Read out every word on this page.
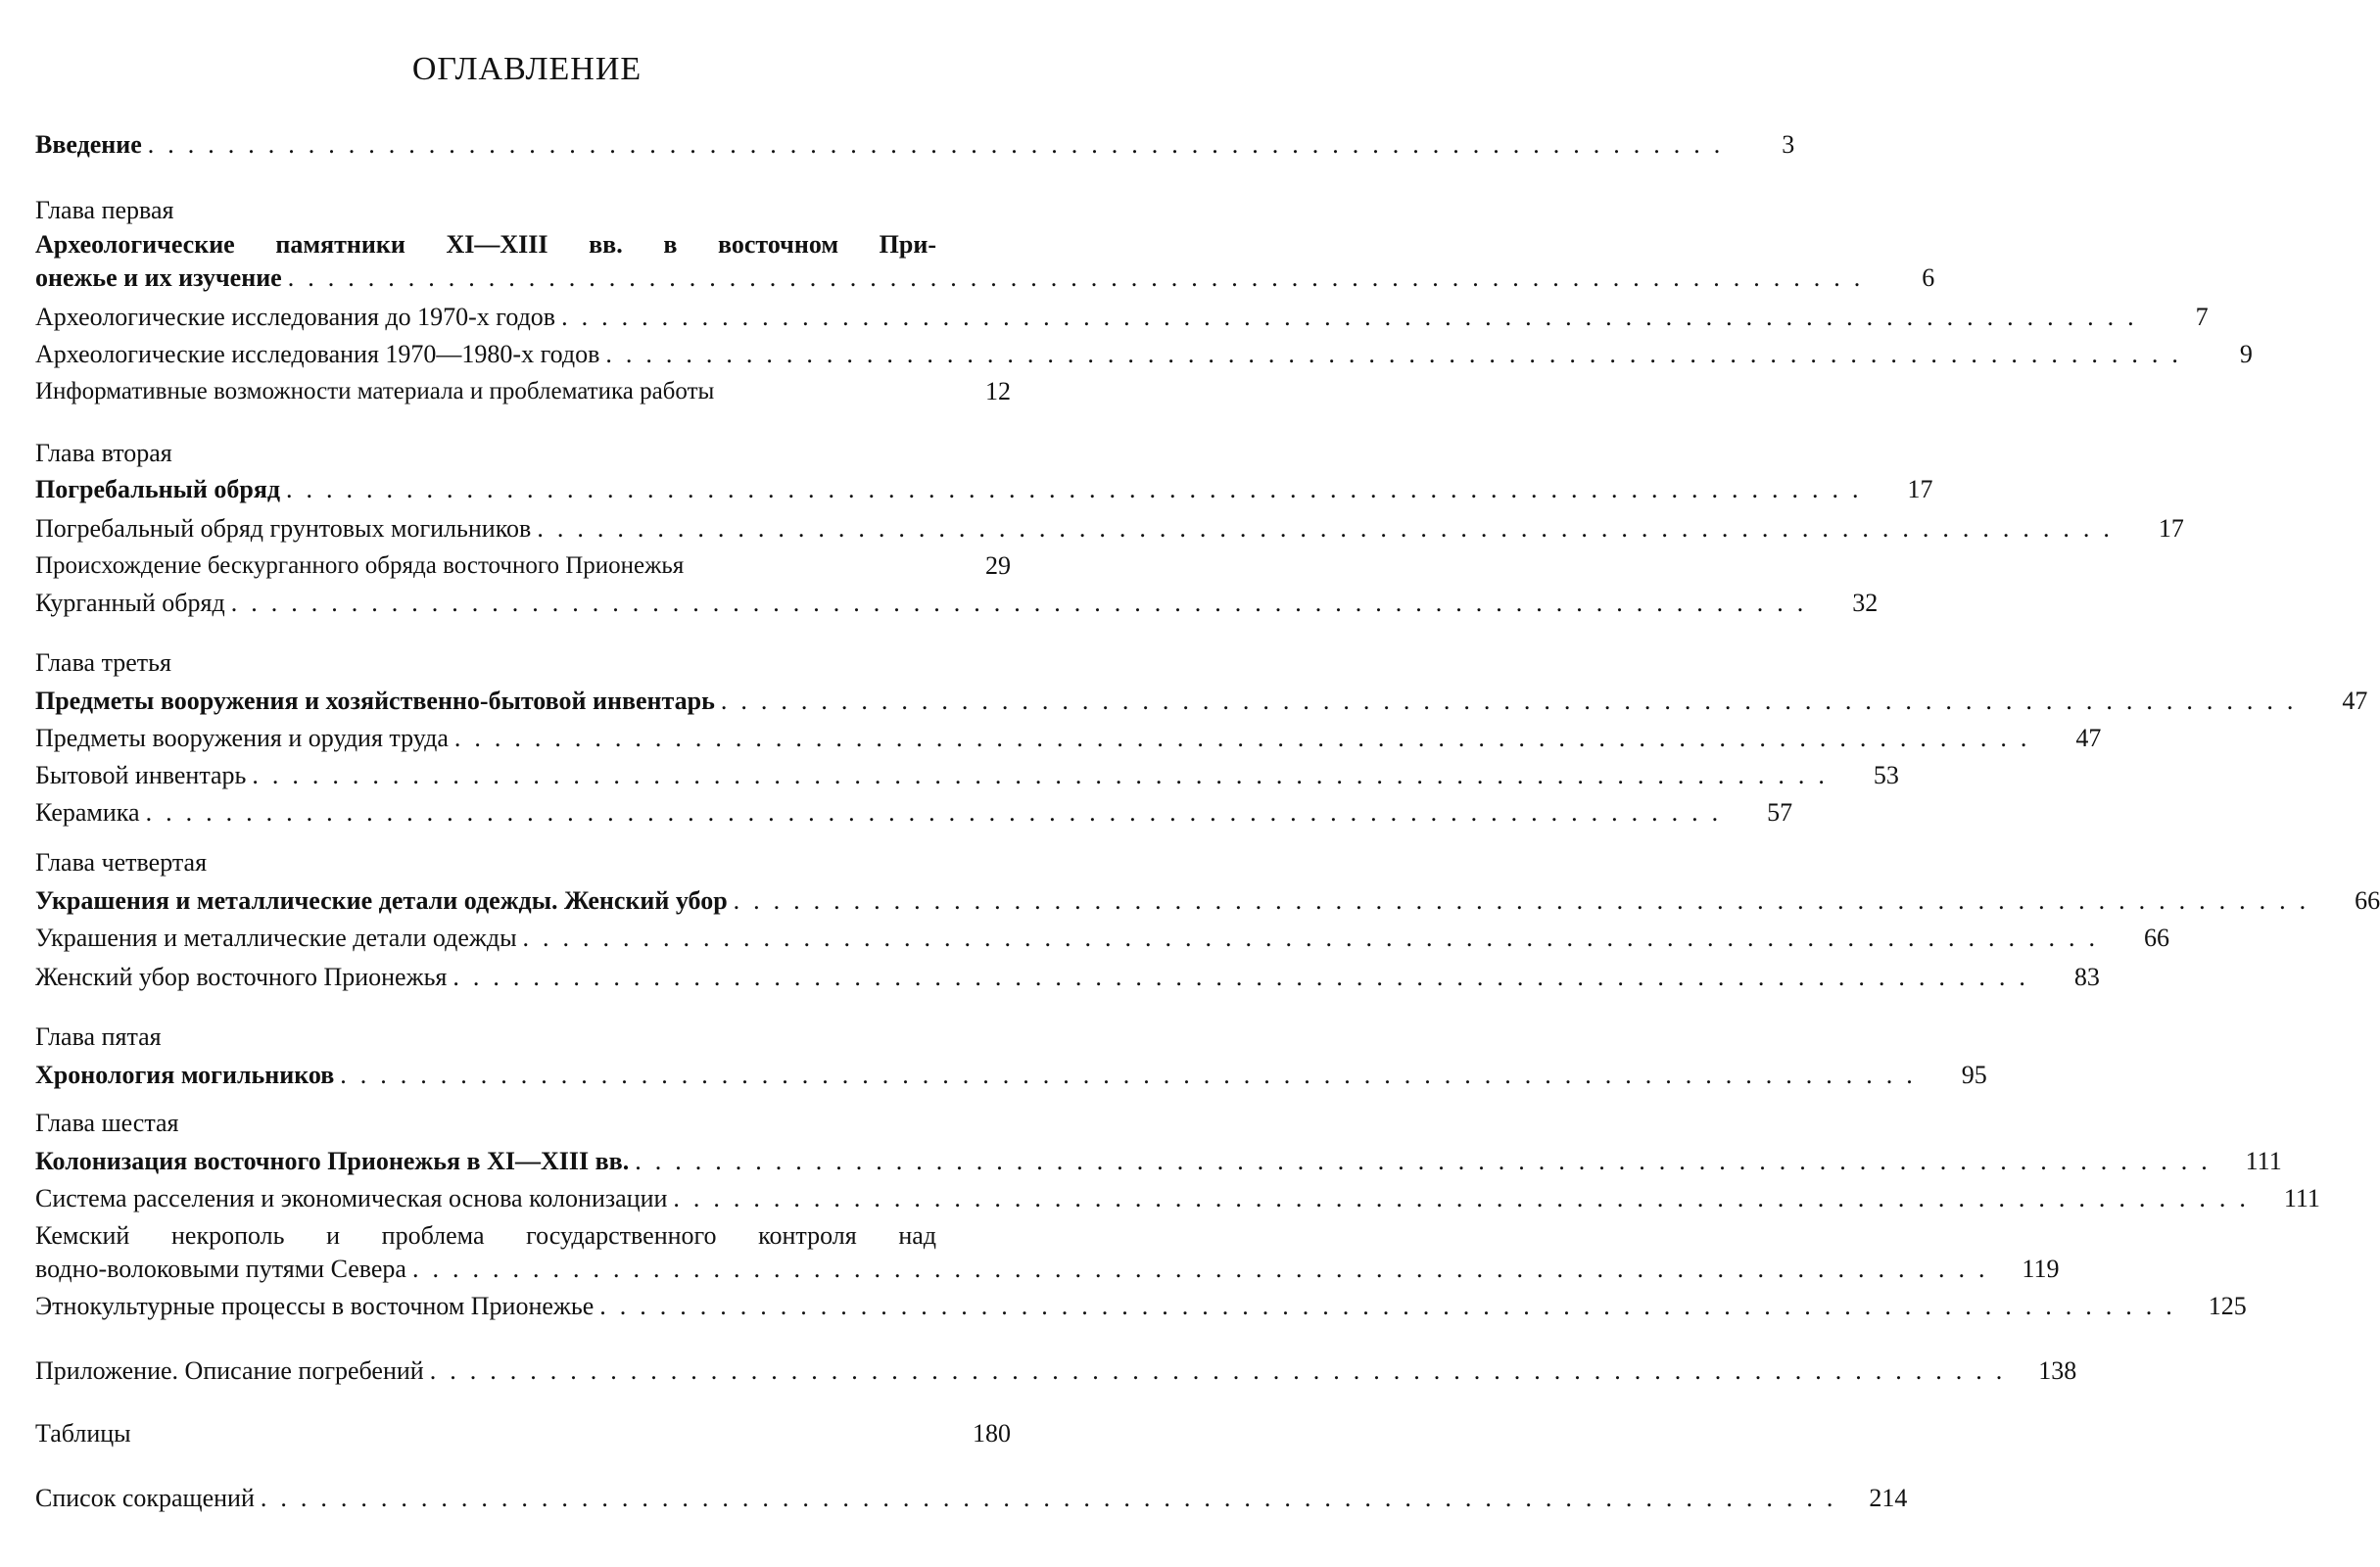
ОГЛАВЛЕНИЕ
Введение ...............................................................................	3
Глава первая
Археологические памятники XI—XIII вв. в восточном При-
онежье и их изучение ...............................................................................	6
Археологические исследования до 1970-х годов ...............................................................................	7
Археологические исследования 1970—1980-х годов ...............................................................................	9
Информативные возможности материала и проблематика работы	12
Глава вторая
Погребальный обряд ...............................................................................	17
Погребальный обряд грунтовых могильников ...............................................................................	17
Происхождение бескурганного обряда восточного Прионежья	29
Курганный обряд ...............................................................................	32
Глава третья
Предметы вооружения и хозяйственно-бытовой инвентарь ...............................................................................	47
Предметы вооружения и орудия труда ...............................................................................	47
Бытовой инвентарь ...............................................................................	53
Керамика ...............................................................................	57
Глава четвертая
Украшения и металлические детали одежды. Женский убор ...............................................................................	66
Украшения и металлические детали одежды ...............................................................................	66
Женский убор восточного Прионежья ...............................................................................	83
Глава пятая
Хронология могильников ...............................................................................	95
Глава шестая
Колонизация восточного Прионежья в XI—XIII вв. ............................................................................... 111
Система расселения и экономическая основа колонизации ............................................................................... 111
Кемский некрополь и проблема государственного контроля над
водно-волоковыми путями Севера ............................................................................... 119
Этнокультурные процессы в восточном Прионежье ............................................................................... 125
Приложение. Описание погребений ............................................................................... 138
Таблицы	180
Список сокращений ............................................................................... 214
